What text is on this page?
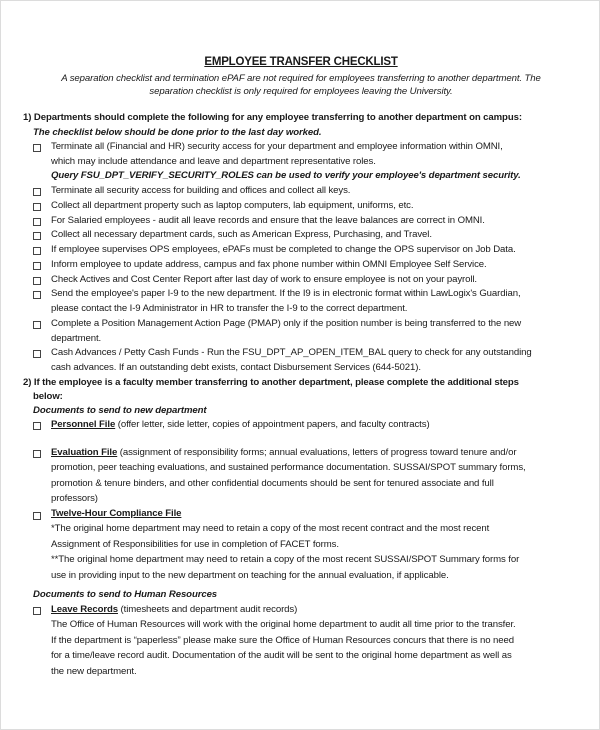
EMPLOYEE TRANSFER CHECKLIST
A separation checklist and termination ePAF are not required for employees transferring to another department. The
separation checklist is only required for employees leaving the University.
1) Departments should complete the following for any employee transferring to another department on campus:
The checklist below should be done prior to the last day worked.
Terminate all (Financial and HR) security access for your department and employee information within OMNI,
which may include attendance and leave and department representative roles.
Query FSU_DPT_VERIFY_SECURITY_ROLES can be used to verify your employee's department security.
Terminate all security access for building and offices and collect all keys.
Collect all department property such as laptop computers, lab equipment, uniforms, etc.
For Salaried employees - audit all leave records and ensure that the leave balances are correct in OMNI.
Collect all necessary department cards, such as American Express, Purchasing, and Travel.
If employee supervises OPS employees, ePAFs must be completed to change the OPS supervisor on Job Data.
Inform employee to update address, campus and fax phone number within OMNI Employee Self Service.
Check Actives and Cost Center Report after last day of work to ensure employee is not on your payroll.
Send the employee's paper I-9 to the new department. If the I9 is in electronic format within LawLogix's Guardian,
please contact the I-9 Administrator in HR to transfer the I-9 to the correct department.
Complete a Position Management Action Page (PMAP) only if the position number is being transferred to the new
department.
Cash Advances / Petty Cash Funds - Run the FSU_DPT_AP_OPEN_ITEM_BAL query to check for any outstanding
cash advances. If an outstanding debt exists, contact Disbursement Services (644-5021).
2) If the employee is a faculty member transferring to another department, please complete the additional steps
below:
Documents to send to new department
Personnel File (offer letter, side letter, copies of appointment papers, and faculty contracts)
Evaluation File (assignment of responsibility forms; annual evaluations, letters of progress toward tenure and/or
promotion, peer teaching evaluations, and sustained performance documentation. SUSSAI/SPOT summary forms,
promotion & tenure binders, and other confidential documents should be sent for tenured associate and full
professors)
Twelve-Hour Compliance File
*The original home department may need to retain a copy of the most recent contract and the most recent
Assignment of Responsibilities for use in completion of FACET forms.
**The original home department may need to retain a copy of the most recent SUSSAI/SPOT Summary forms for
use in providing input to the new department on teaching for the annual evaluation, if applicable.
Documents to send to Human Resources
Leave Records (timesheets and department audit records)
The Office of Human Resources will work with the original home department to audit all time prior to the transfer.
If the department is “paperless” please make sure the Office of Human Resources concurs that there is no need
for a time/leave record audit. Documentation of the audit will be sent to the original home department as well as
the new department.
